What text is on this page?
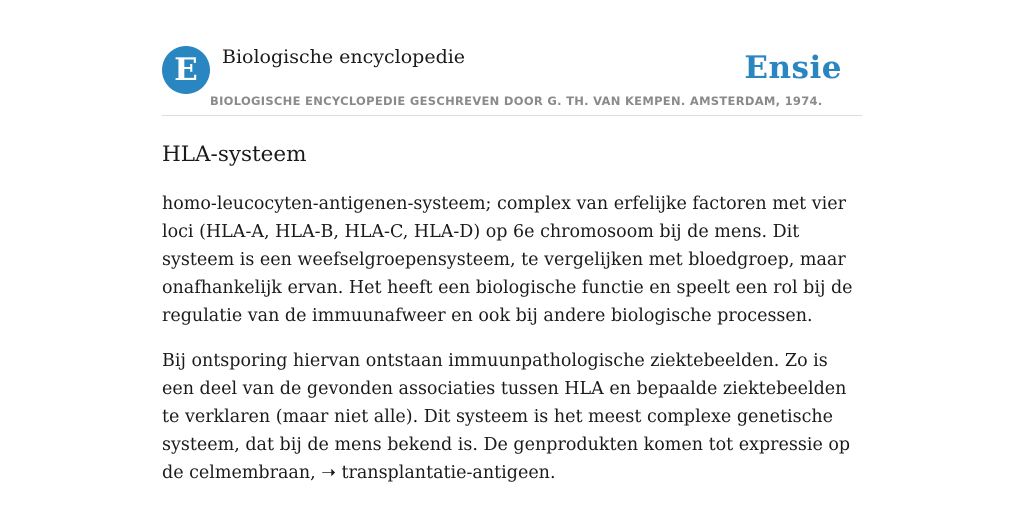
E	Biologische encyclopedie	Ensie
BIOLOGISCHE ENCYCLOPEDIE GESCHREVEN DOOR G. TH. VAN KEMPEN. AMSTERDAM, 1974.
HLA-systeem

homo-leucocyten-antigenen-systeem; complex van erfelijke factoren met vier loci (HLA-A, HLA-B, HLA-C, HLA-D) op 6e chromosoom bij de mens. Dit systeem is een weefselgroepensysteem, te vergelijken met bloedgroep, maar onafhankelijk ervan. Het heeft een biologische functie en speelt een rol bij de regulatie van de immuunafweer en ook bij andere biologische processen.

Bij ontsporing hiervan ontstaan immuunpathologische ziektebeelden. Zo is een deel van de gevonden associaties tussen HLA en bepaalde ziektebeelden te verklaren (maar niet alle). Dit systeem is het meest complexe genetische systeem, dat bij de mens bekend is. De genprodukten komen tot expressie op de celmembraan, ➝ transplantatie-antigeen.
